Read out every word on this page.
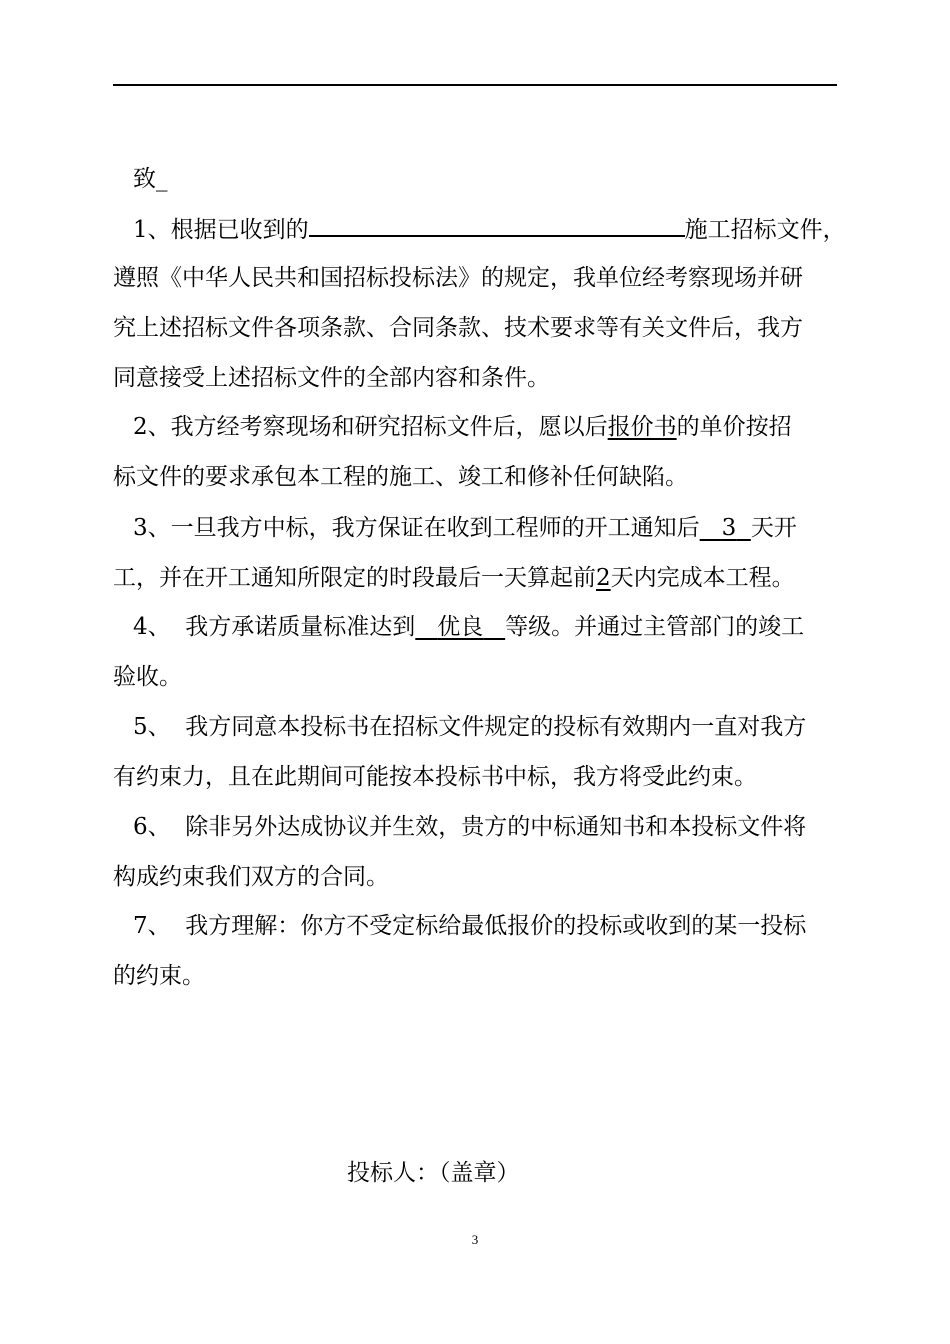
致_
1、根据已收到的	施工招标文件，
遵照《中华人民共和国招标投标法》的规定，我单位经考察现场并研
究上述招标文件各项条款、合同条款、技术要求等有关文件后，我方
同意接受上述招标文件的全部内容和条件。
2、我方经考察现场和研究招标文件后，愿以后报价书的单价按招
标文件的要求承包本工程的施工、竣工和修补任何缺陷。
3、一旦我方中标，我方保证在收到工程师的开工通知后 3 天开
工，并在开工通知所限定的时段最后一天算起前2天内完成本工程。
4、  我方承诺质量标准达到 优良 等级。并通过主管部门的竣工
验收。
5、  我方同意本投标书在招标文件规定的投标有效期内一直对我方
有约束力，且在此期间可能按本投标书中标，我方将受此约束。
6、  除非另外达成协议并生效，贵方的中标通知书和本投标文件将
构成约束我们双方的合同。
7、  我方理解：你方不受定标给最低报价的投标或收到的某一投标
的约束。
投标人：（盖章）
3
